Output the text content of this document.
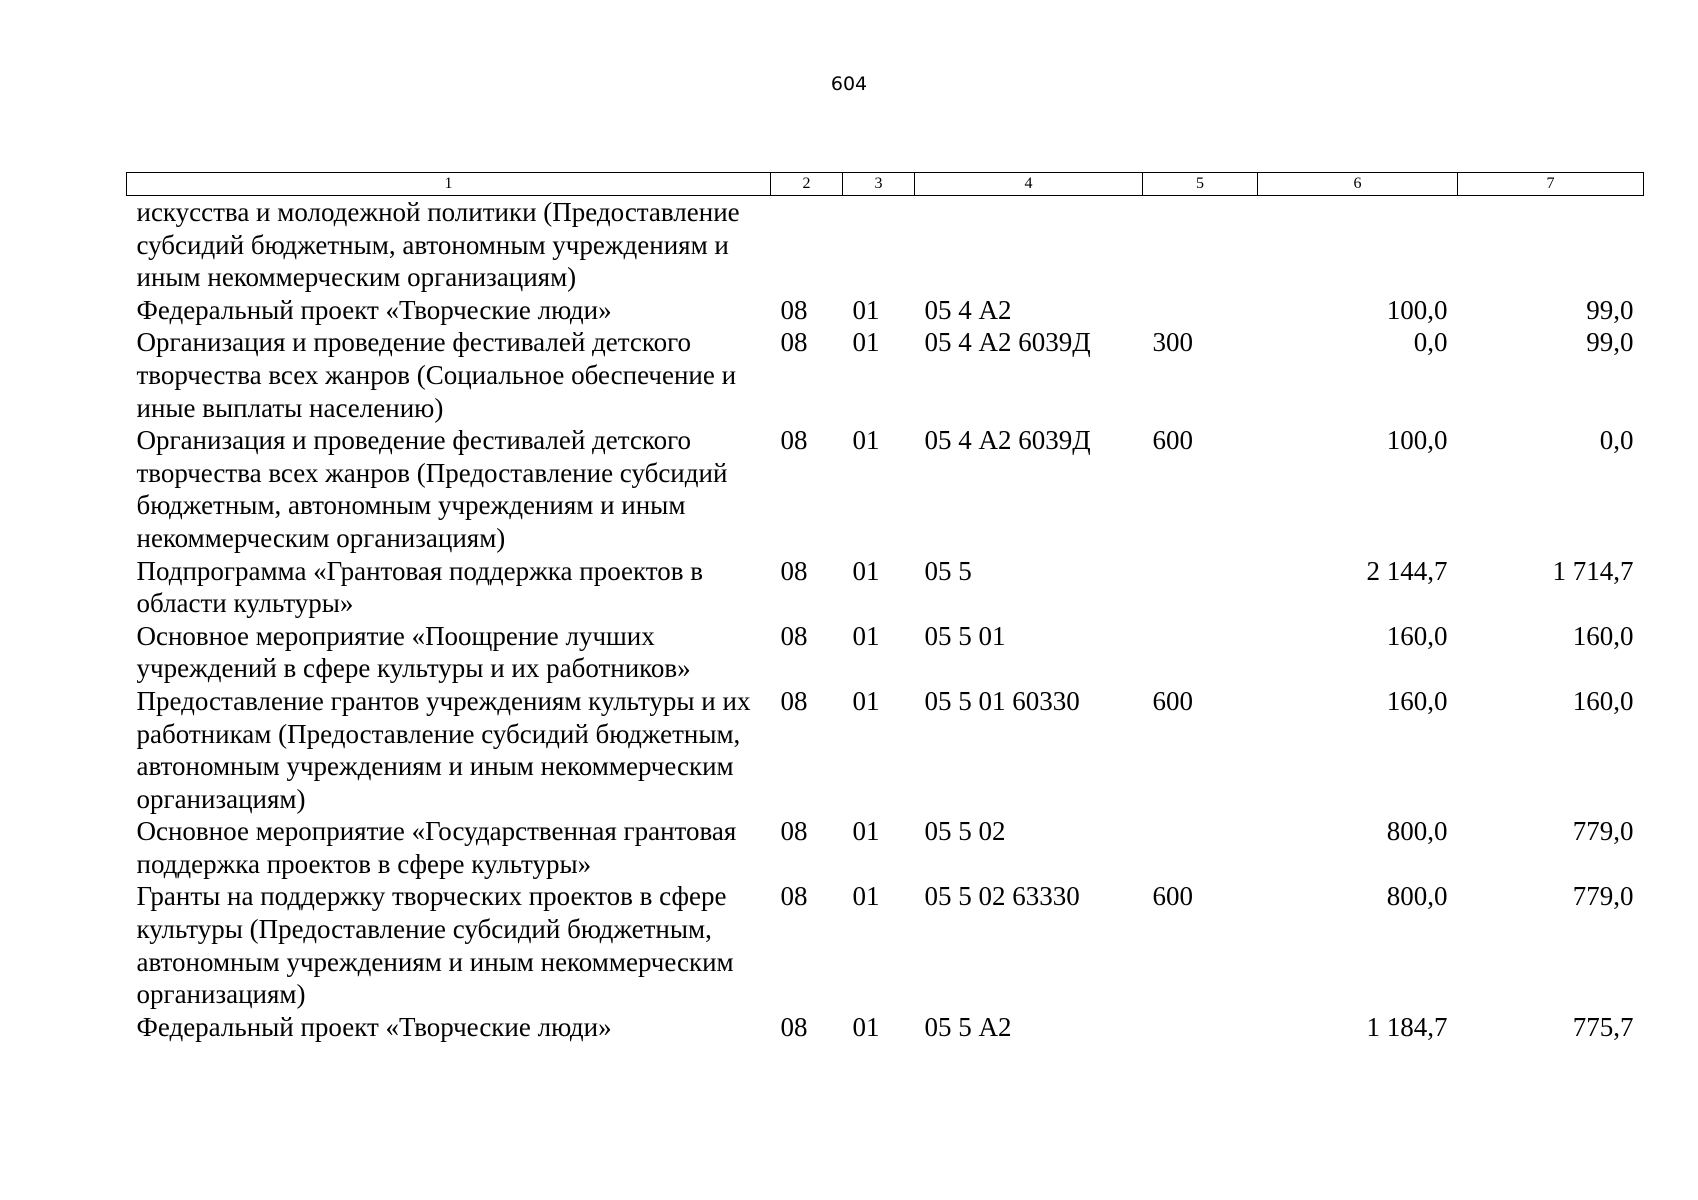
604
1	2	3	4	5	6	7
искусства и молодежной политики (Предоставление субсидий бюджетным, автономным учреждениям и иным некоммерческим организациям)						
Федеральный проект «Творческие люди»	08	01	05 4 А2		100,0	99,0
Организация и проведение фестивалей детского творчества всех жанров (Социальное обеспечение и иные выплаты населению)	08	01	05 4 А2 6039Д	300	0,0	99,0
Организация и проведение фестивалей детского творчества всех жанров (Предоставление субсидий бюджетным, автономным учреждениям и иным некоммерческим организациям)	08	01	05 4 А2 6039Д	600	100,0	0,0
Подпрограмма «Грантовая поддержка проектов в области культуры»	08	01	05 5		2 144,7	1 714,7
Основное мероприятие «Поощрение лучших учреждений в сфере культуры и их работников»	08	01	05 5 01		160,0	160,0
Предоставление грантов учреждениям культуры и их работникам (Предоставление субсидий бюджетным, автономным учреждениям и иным некоммерческим организациям)	08	01	05 5 01 60330	600	160,0	160,0
Основное мероприятие «Государственная грантовая поддержка проектов в сфере культуры»	08	01	05 5 02		800,0	779,0
Гранты на поддержку творческих проектов в сфере культуры (Предоставление субсидий бюджетным, автономным учреждениям и иным некоммерческим организациям)	08	01	05 5 02 63330	600	800,0	779,0
Федеральный проект «Творческие люди»	08	01	05 5 А2		1 184,7	775,7
